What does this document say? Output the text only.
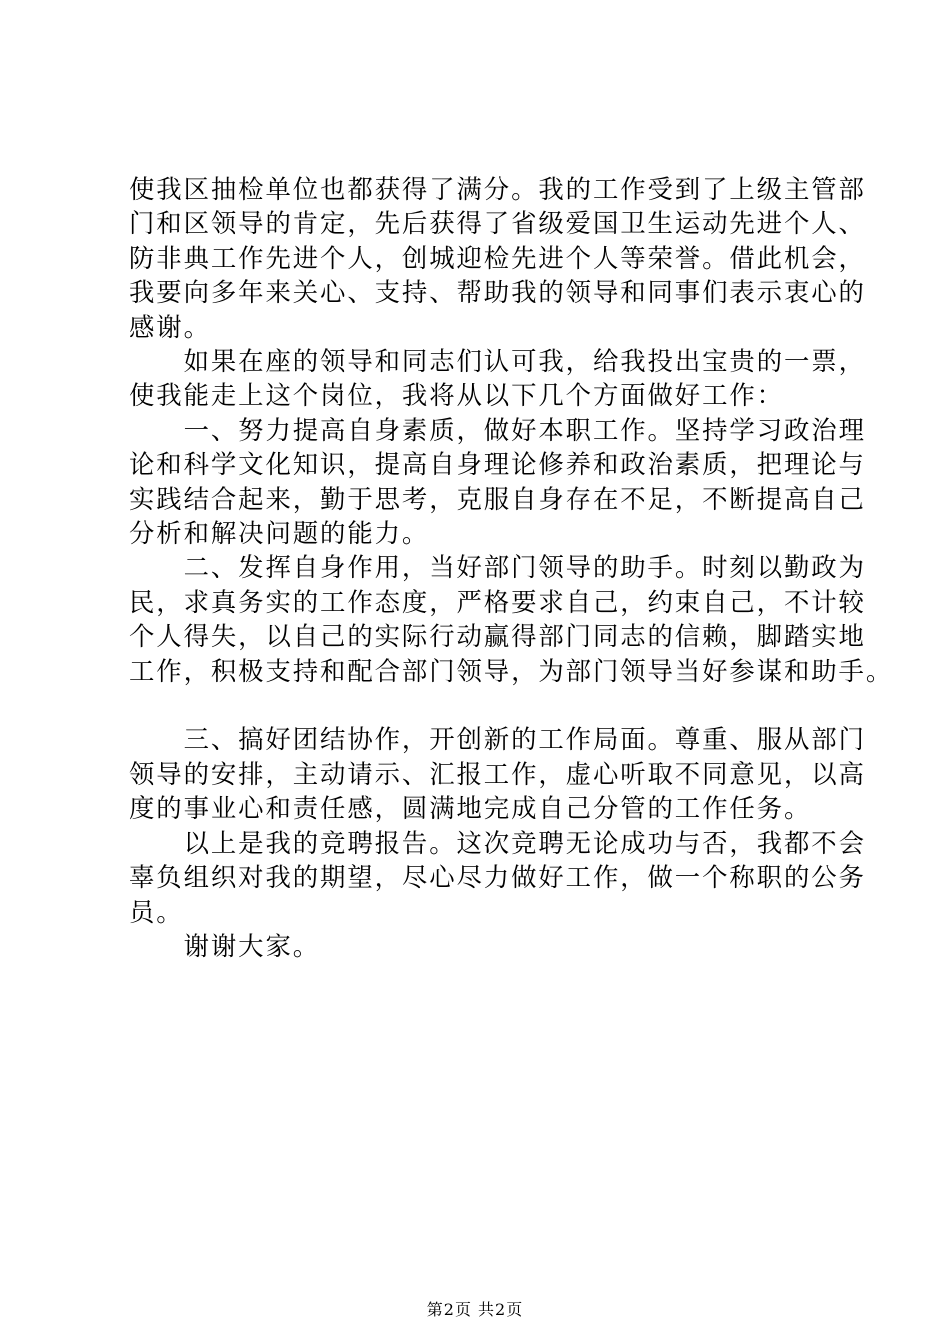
使我区抽检单位也都获得了满分。我的工作受到了上级主管部
门和区领导的肯定，先后获得了省级爱国卫生运动先进个人、
防非典工作先进个人，创城迎检先进个人等荣誉。借此机会，
我要向多年来关心、支持、帮助我的领导和同事们表示衷心的
感谢。

如果在座的领导和同志们认可我，给我投出宝贵的一票，
使我能走上这个岗位，我将从以下几个方面做好工作：

一、努力提高自身素质，做好本职工作。坚持学习政治理
论和科学文化知识，提高自身理论修养和政治素质，把理论与
实践结合起来，勤于思考，克服自身存在不足，不断提高自己
分析和解决问题的能力。

二、发挥自身作用，当好部门领导的助手。时刻以勤政为
民，求真务实的工作态度，严格要求自己，约束自己，不计较
个人得失，以自己的实际行动赢得部门同志的信赖，脚踏实地
工作，积极支持和配合部门领导，为部门领导当好参谋和助手。

三、搞好团结协作，开创新的工作局面。尊重、服从部门
领导的安排，主动请示、汇报工作，虚心听取不同意见，以高
度的事业心和责任感，圆满地完成自己分管的工作任务。

以上是我的竞聘报告。这次竞聘无论成功与否，我都不会
辜负组织对我的期望，尽心尽力做好工作，做一个称职的公务
员。

谢谢大家。

第2页 共2页
